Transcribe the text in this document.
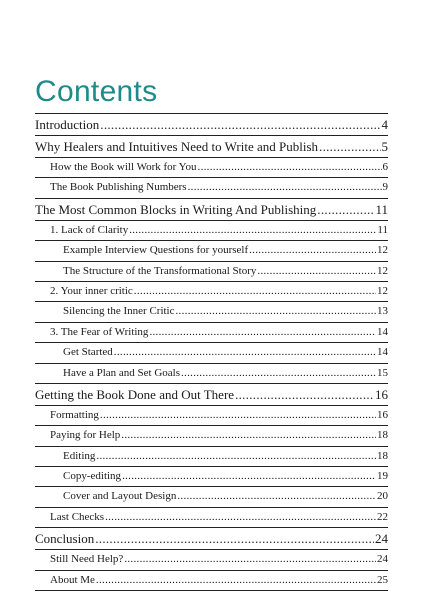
Contents
Introduction .....	4
Why Healers and Intuitives Need to Write and Publish .....	5
How the Book will Work for You .....	6
The Book Publishing Numbers .....	9
The Most Common Blocks in Writing And Publishing .....	11
1. Lack of Clarity .....	11
Example Interview Questions for yourself .....	12
The Structure of the Transformational Story .....	12
2. Your inner critic .....	12
Silencing the Inner Critic .....	13
3. The Fear of Writing .....	14
Get Started .....	14
Have a Plan and Set Goals .....	15
Getting the Book Done and Out There .....	16
Formatting .....	16
Paying for Help .....	18
Editing .....	18
Copy-editing .....	19
Cover and Layout Design .....	20
Last Checks .....	22
Conclusion .....	24
Still Need Help? .....	24
About Me .....	25
